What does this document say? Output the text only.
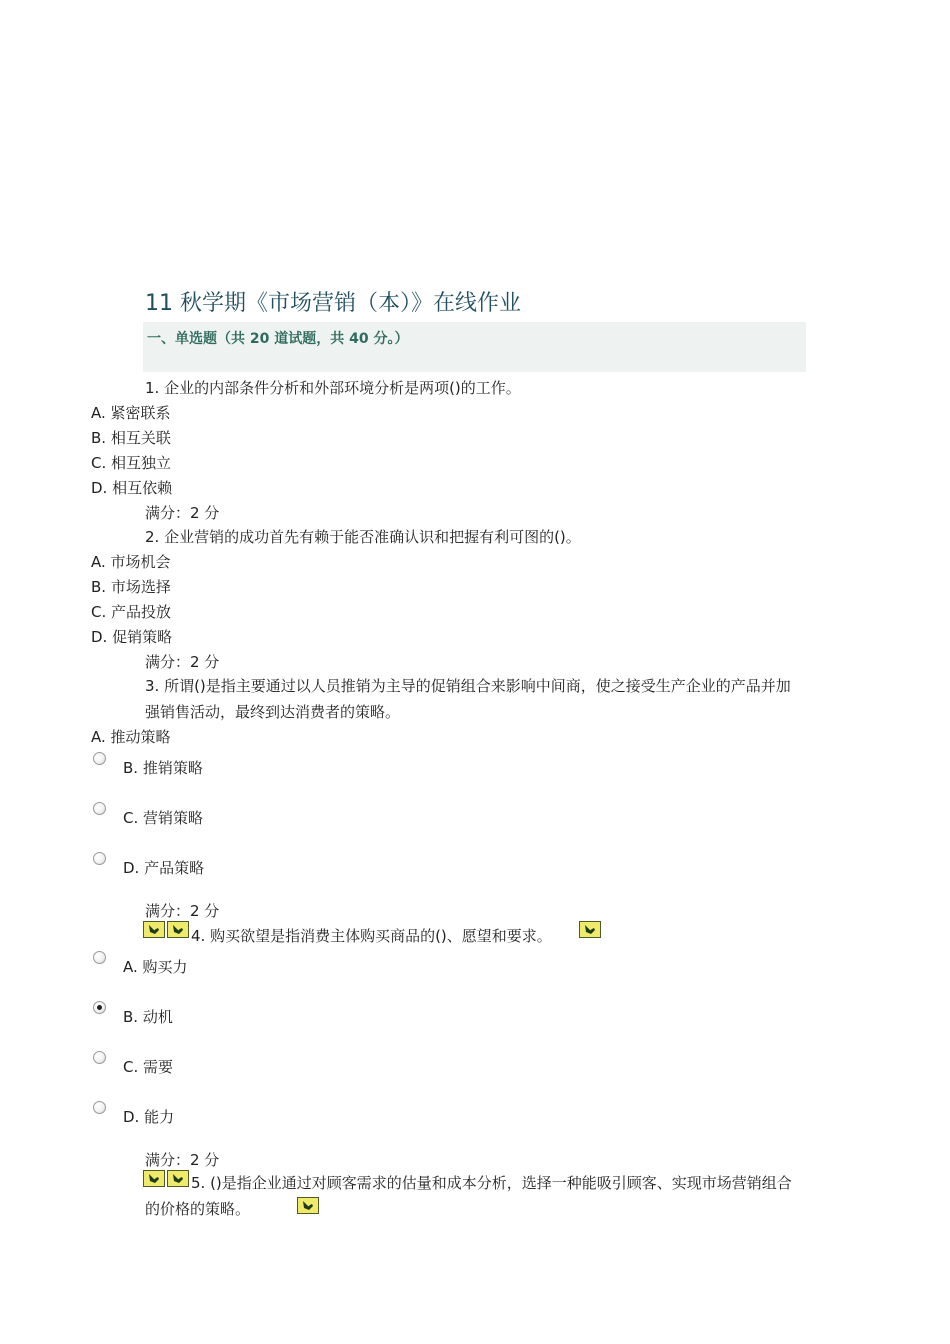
11 秋学期《市场营销（本）》在线作业
一、单选题（共 20 道试题，共 40 分。）
1. 企业的内部条件分析和外部环境分析是两项()的工作。
A. 紧密联系
B. 相互关联
C. 相互独立
D. 相互依赖
满分：2 分
2. 企业营销的成功首先有赖于能否准确认识和把握有利可图的()。
A. 市场机会
B. 市场选择
C. 产品投放
D. 促销策略
满分：2 分
3. 所谓()是指主要通过以人员推销为主导的促销组合来影响中间商，使之接受生产企业的产品并加强销售活动，最终到达消费者的策略。
A. 推动策略
B. 推销策略
C. 营销策略
D. 产品策略
满分：2 分
4. 购买欲望是指消费主体购买商品的()、愿望和要求。
A. 购买力
B. 动机
C. 需要
D. 能力
满分：2 分
5. ()是指企业通过对顾客需求的估量和成本分析，选择一种能吸引顾客、实现市场营销组合的价格的策略。
